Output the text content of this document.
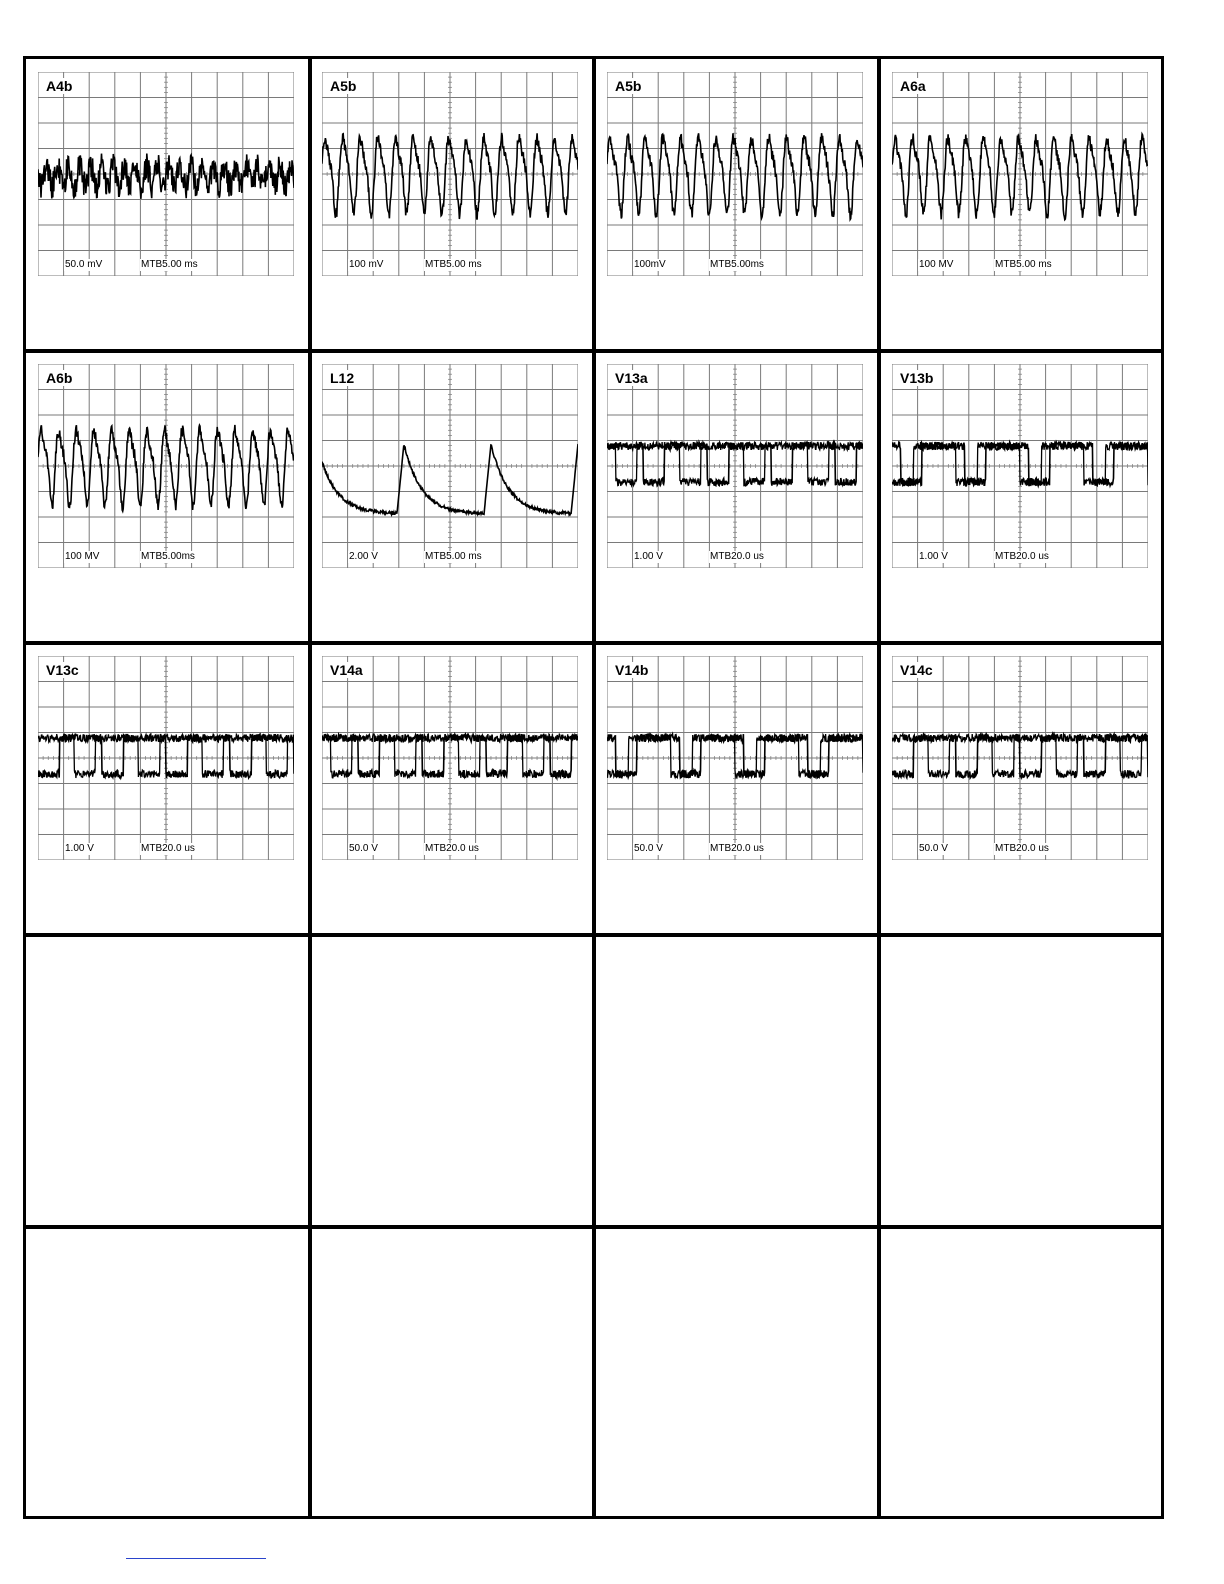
A4b
50.0 mV	MTB5.00 ms
A5b
100 mV	MTB5.00 ms
A5b
100mV	MTB5.00ms
A6a
100 MV	MTB5.00 ms
A6b
100 MV	MTB5.00ms
L12
2.00 V	MTB5.00 ms
V13a
1.00 V	MTB20.0 us
V13b
1.00 V	MTB20.0 us
V13c
1.00 V	MTB20.0 us
V14a
50.0 V	MTB20.0 us
V14b
50.0 V	MTB20.0 us
V14c
50.0 V	MTB20.0 us
